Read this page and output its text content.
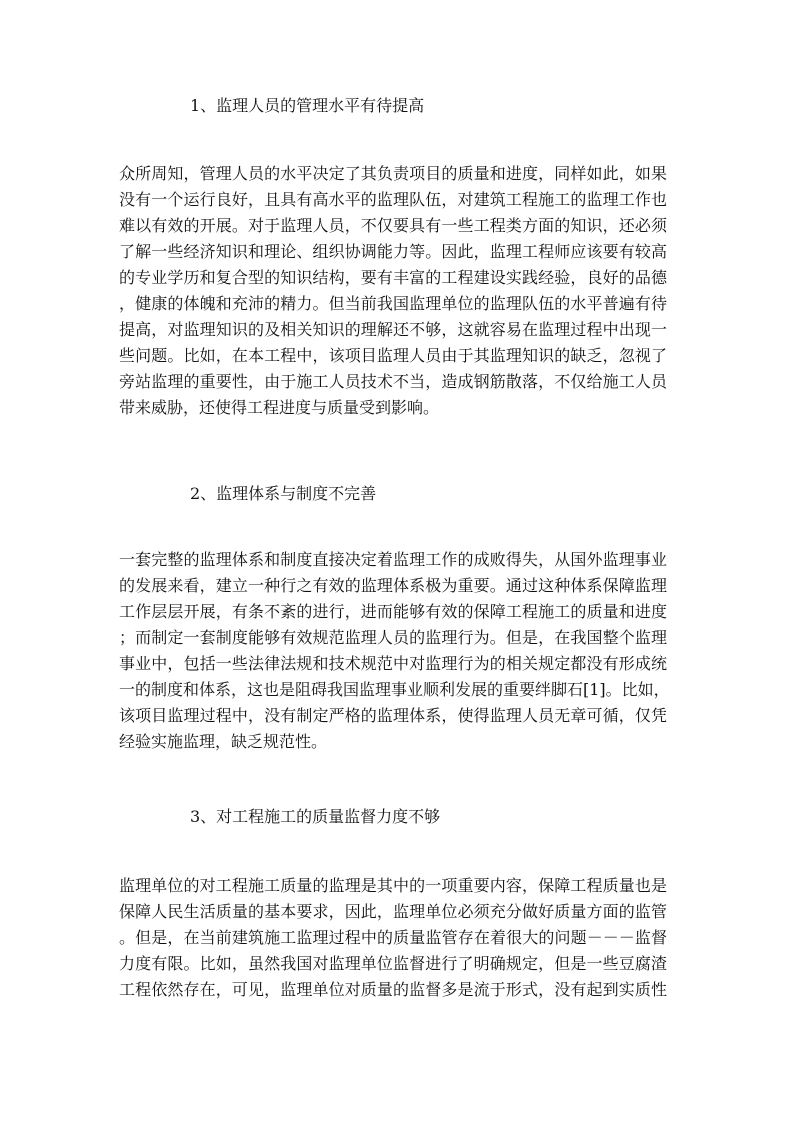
1、监理人员的管理水平有待提高
众所周知，管理人员的水平决定了其负责项目的质量和进度，同样如此，如果
没有一个运行良好，且具有高水平的监理队伍，对建筑工程施工的监理工作也
难以有效的开展。对于监理人员，不仅要具有一些工程类方面的知识，还必须
了解一些经济知识和理论、组织协调能力等。因此，监理工程师应该要有较高
的专业学历和复合型的知识结构，要有丰富的工程建设实践经验，良好的品德
，健康的体魄和充沛的精力。但当前我国监理单位的监理队伍的水平普遍有待
提高，对监理知识的及相关知识的理解还不够，这就容易在监理过程中出现一
些问题。比如，在本工程中，该项目监理人员由于其监理知识的缺乏，忽视了
旁站监理的重要性，由于施工人员技术不当，造成钢筋散落，不仅给施工人员
带来威胁，还使得工程进度与质量受到影响。
2、监理体系与制度不完善
一套完整的监理体系和制度直接决定着监理工作的成败得失，从国外监理事业
的发展来看，建立一种行之有效的监理体系极为重要。通过这种体系保障监理
工作层层开展，有条不紊的进行，进而能够有效的保障工程施工的质量和进度
；而制定一套制度能够有效规范监理人员的监理行为。但是，在我国整个监理
事业中，包括一些法律法规和技术规范中对监理行为的相关规定都没有形成统
一的制度和体系，这也是阻碍我国监理事业顺利发展的重要绊脚石[1]。比如，
该项目监理过程中，没有制定严格的监理体系，使得监理人员无章可循，仅凭
经验实施监理，缺乏规范性。
3、对工程施工的质量监督力度不够
监理单位的对工程施工质量的监理是其中的一项重要内容，保障工程质量也是
保障人民生活质量的基本要求，因此，监理单位必须充分做好质量方面的监管
。但是，在当前建筑施工监理过程中的质量监管存在着很大的问题－－－监督
力度有限。比如，虽然我国对监理单位监督进行了明确规定，但是一些豆腐渣
工程依然存在，可见，监理单位对质量的监督多是流于形式，没有起到实质性
